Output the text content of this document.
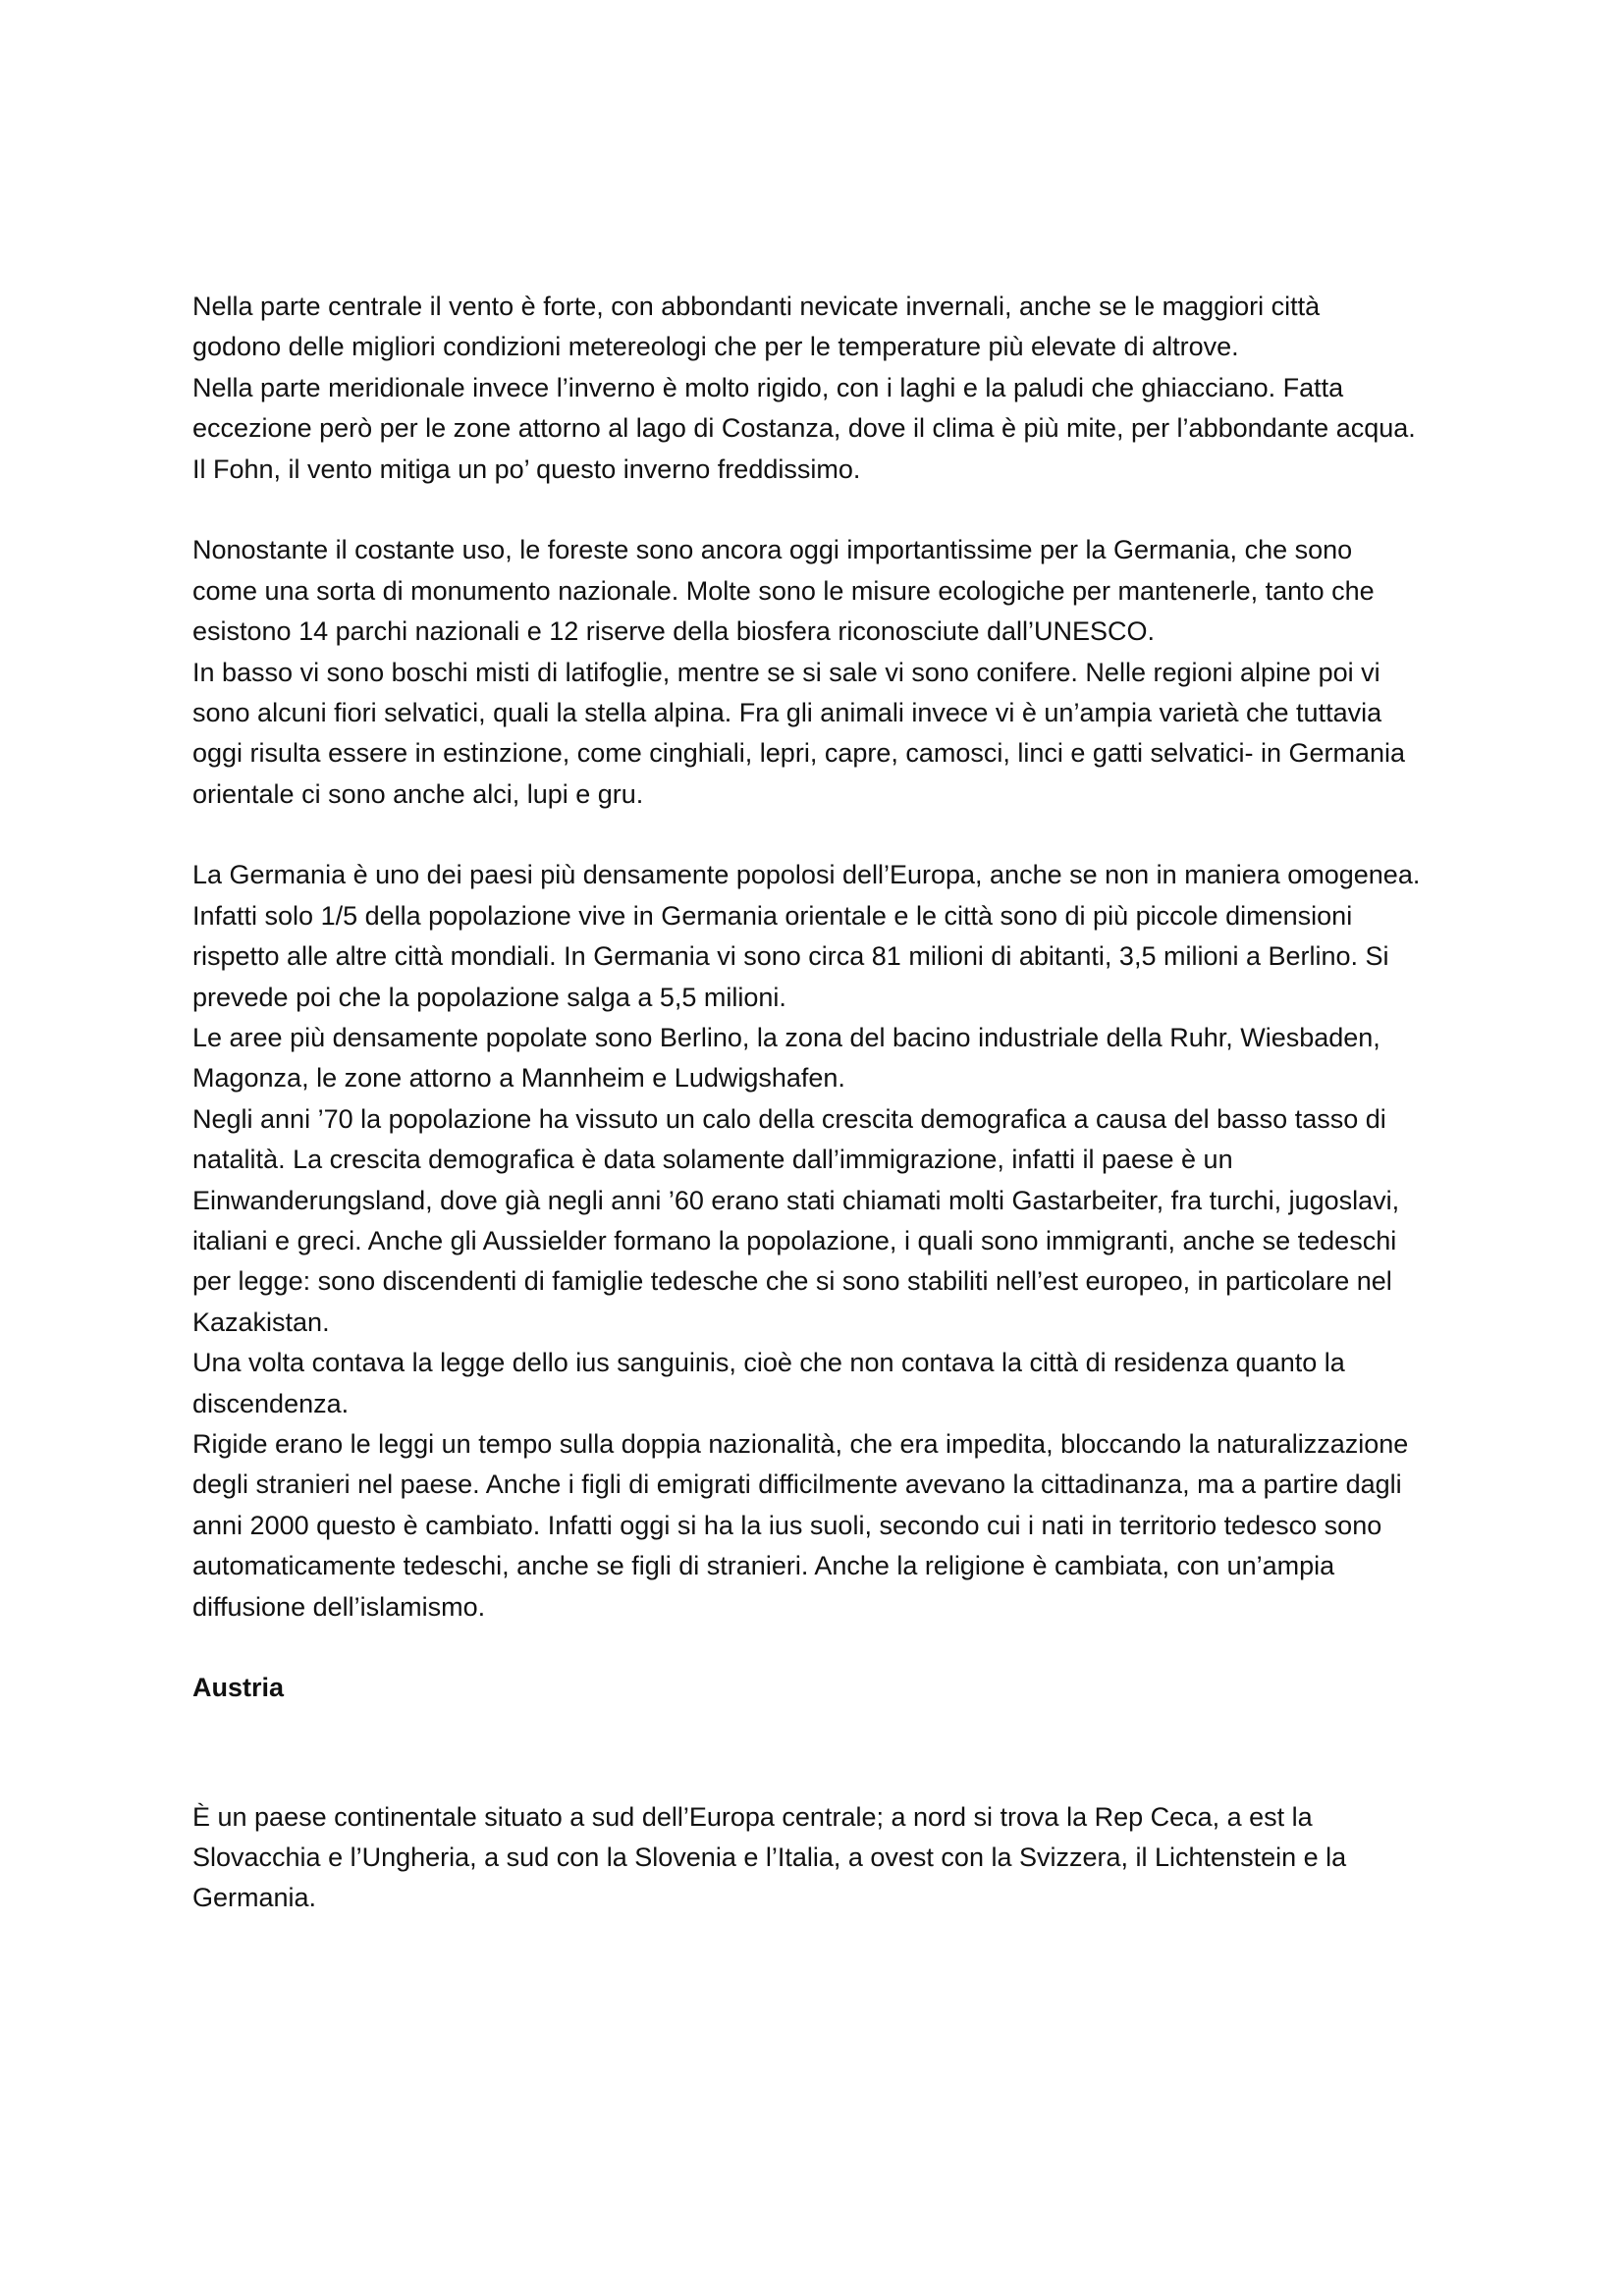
Nella parte centrale il vento è forte, con abbondanti nevicate invernali, anche se le maggiori città
godono delle migliori condizioni metereologi che per le temperature più elevate di altrove.
Nella parte meridionale invece l’inverno è molto rigido, con i laghi e la paludi che ghiacciano. Fatta
eccezione però per le zone attorno al lago di Costanza, dove il clima è più mite, per l’abbondante acqua.
Il Fohn, il vento mitiga un po’ questo inverno freddissimo.
Nonostante il costante uso, le foreste sono ancora oggi importantissime per la Germania, che sono
come una sorta di monumento nazionale. Molte sono le misure ecologiche per mantenerle, tanto che
esistono 14 parchi nazionali e 12 riserve della biosfera riconosciute dall’UNESCO.
In basso vi sono boschi misti di latifoglie, mentre se si sale vi sono conifere. Nelle regioni alpine poi vi
sono alcuni fiori selvatici, quali la stella alpina. Fra gli animali invece vi è un’ampia varietà che tuttavia
oggi risulta essere in estinzione, come cinghiali, lepri, capre, camosci, linci e gatti selvatici- in Germania
orientale ci sono anche alci, lupi e gru.
La Germania è uno dei paesi più densamente popolosi dell’Europa, anche se non in maniera omogenea.
Infatti solo 1/5 della popolazione vive in Germania orientale e le città sono di più piccole dimensioni
rispetto alle altre città mondiali. In Germania vi sono circa 81 milioni di abitanti, 3,5 milioni a Berlino. Si
prevede poi che la popolazione salga a 5,5 milioni.
Le aree più densamente popolate sono Berlino, la zona del bacino industriale della Ruhr, Wiesbaden,
Magonza, le zone attorno a Mannheim e Ludwigshafen.
Negli anni ’70 la popolazione ha vissuto un calo della crescita demografica a causa del basso tasso di
natalità. La crescita demografica è data solamente dall’immigrazione, infatti il paese è un
Einwanderungsland, dove già negli anni ’60 erano stati chiamati molti Gastarbeiter, fra turchi, jugoslavi,
italiani e greci. Anche gli Aussielder formano la popolazione, i quali sono immigranti, anche se tedeschi
per legge: sono discendenti di famiglie tedesche che si sono stabiliti nell’est europeo, in particolare nel
Kazakistan.
Una volta contava la legge dello ius sanguinis, cioè che non contava la città di residenza quanto la
discendenza.
Rigide erano le leggi un tempo sulla doppia nazionalità, che era impedita, bloccando la naturalizzazione
degli stranieri nel paese. Anche i figli di emigrati difficilmente avevano la cittadinanza, ma a partire dagli
anni 2000 questo è cambiato. Infatti oggi si ha la ius suoli, secondo cui i nati in territorio tedesco sono
automaticamente tedeschi, anche se figli di stranieri. Anche la religione è cambiata, con un’ampia
diffusione dell’islamismo.
Austria
È un paese continentale situato a sud dell’Europa centrale; a nord si trova la Rep Ceca, a est la
Slovacchia e l’Ungheria, a sud con la Slovenia e l’Italia, a ovest con la Svizzera, il Lichtenstein e la
Germania.
